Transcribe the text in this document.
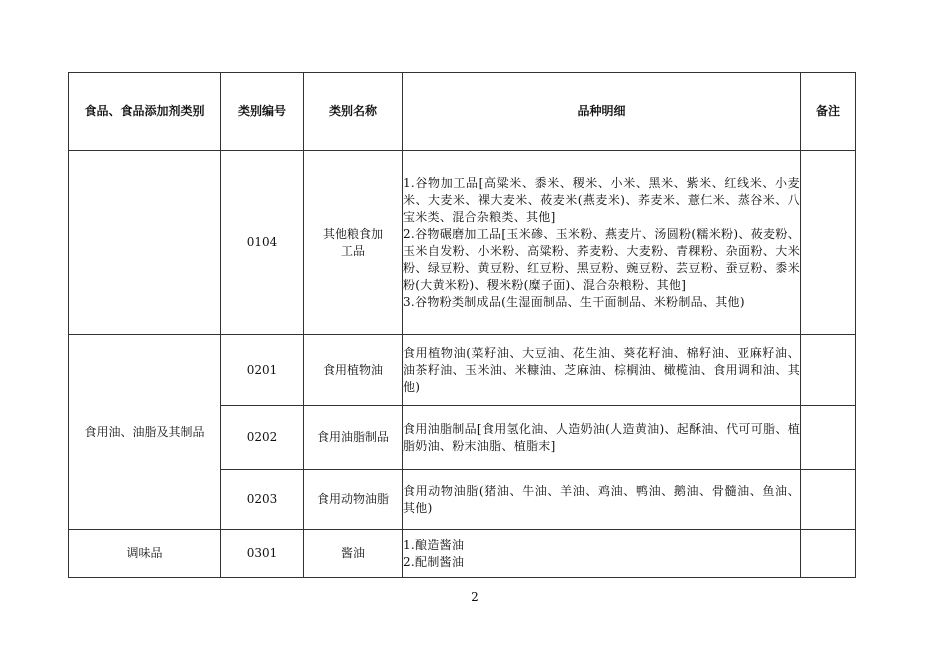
食品、食品添加剂类别	类别编号	类别名称	品种明细	备注
	0104	其他粮食加工品	1.谷物加工品[高粱米、黍米、稷米、小米、黑米、紫米、红线米、小麦米、大麦米、裸大麦米、莜麦米(燕麦米)、荞麦米、薏仁米、蒸谷米、八宝米类、混合杂粮类、其他]
2.谷物碾磨加工品[玉米碜、玉米粉、燕麦片、汤圆粉(糯米粉)、莜麦粉、玉米自发粉、小米粉、高粱粉、荞麦粉、大麦粉、青稞粉、杂面粉、大米粉、绿豆粉、黄豆粉、红豆粉、黑豆粉、豌豆粉、芸豆粉、蚕豆粉、黍米粉(大黄米粉)、稷米粉(糜子面)、混合杂粮粉、其他]
3.谷物粉类制成品(生湿面制品、生干面制品、米粉制品、其他)	

食用油、油脂及其制品	0201	食用植物油	食用植物油(菜籽油、大豆油、花生油、葵花籽油、棉籽油、亚麻籽油、油茶籽油、玉米油、米糠油、芝麻油、棕榈油、橄榄油、食用调和油、其他)	

	0202	食用油脂制品	食用油脂制品[食用氢化油、人造奶油(人造黄油)、起酥油、代可可脂、植脂奶油、粉末油脂、植脂末]	

	0203	食用动物油脂	食用动物油脂(猪油、牛油、羊油、鸡油、鸭油、鹅油、骨髓油、鱼油、其他)	

调味品	0301	酱油	1.酿造酱油
2.配制酱油	

2
